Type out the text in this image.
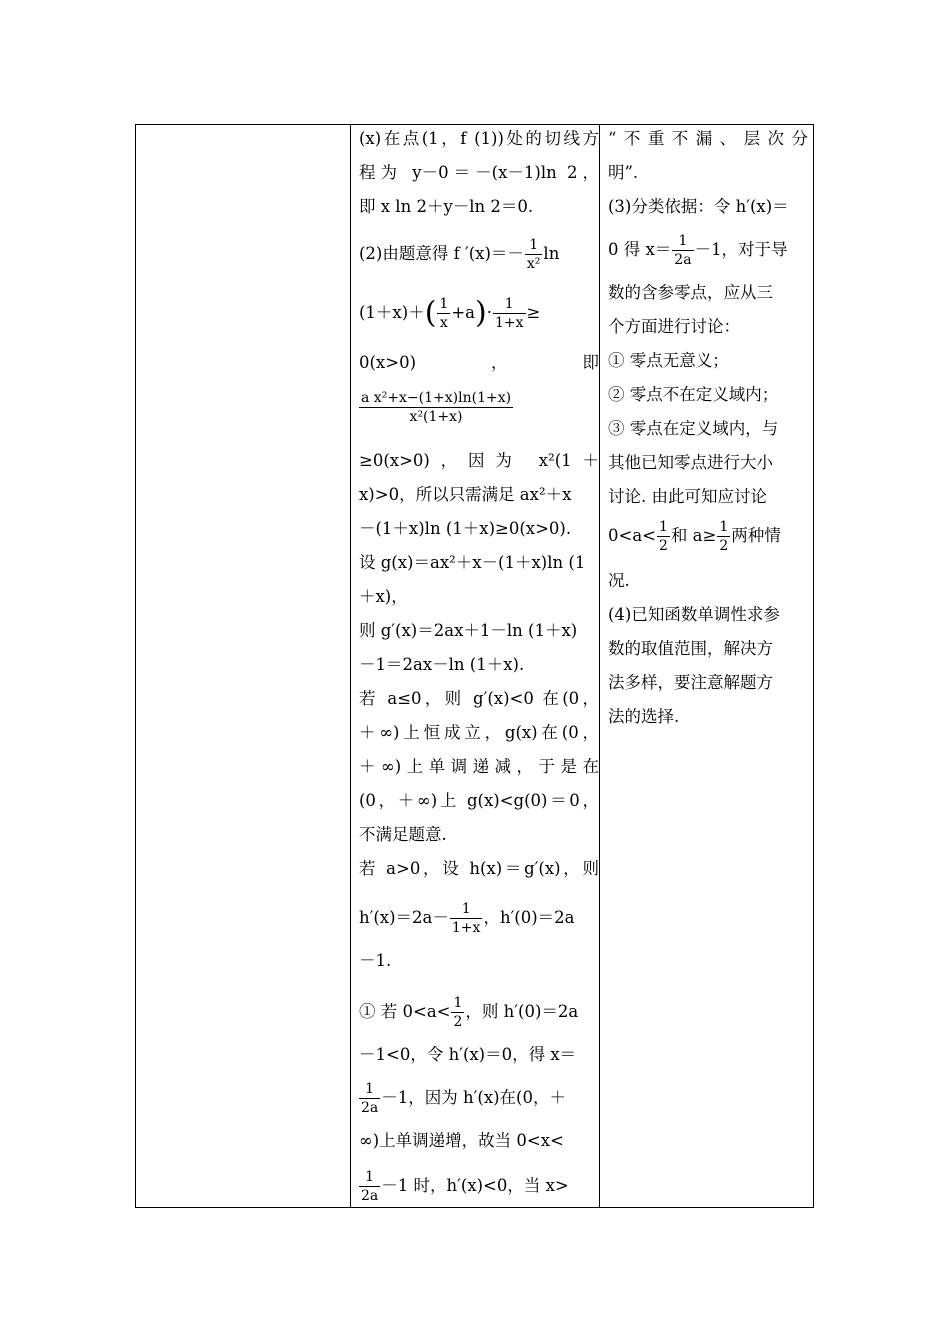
(x)在点(1，f (1))处的切线方
程为 y－0＝－(x－1)ln 2，
即 x ln 2＋y－ln 2＝0.
(2)由题意得 f $'(x)=- \frac{1}{\text{x²}}$ ln
$(1+x)+( \frac{1}{x} +a)\cdot \frac{1}{1+x}$ ≥
0(x>0)	，	即
$\frac{\text{a x²+x−(1+x)ln(1+x)}}{\text{x²(1+x)}}$
≥0(x>0)，因为 x²(1＋
x)>0，所以只需满足 ax²＋x
－(1＋x)ln (1＋x)≥0(x>0).
设 g(x)＝ax²＋x－(1＋x)ln (1
＋x)，
则 g′(x)＝2ax＋1－ln (1＋x)
－1＝2ax－ln (1＋x).
若 a≤0，则 g′(x)<0 在(0，
＋∞)上恒成立，g(x)在(0，
＋∞)上单调递减，于是在
(0，＋∞)上 g(x)<g(0)＝0，
不满足题意.
若 a>0，设 h(x)＝g′(x)，则
$h'(x)=2a- \frac{1}{1+x}$ ，h′(0)＝2a
－1.
① 若 $0<a< \frac{1}{2}$ ，则 h′(0)＝2a
－1<0，令 h′(x)＝0，得 x＝
$\frac{1}{2a} -1$，因为 h′(x)在(0，＋
∞)上单调递增，故当 0<x<
$\frac{1}{2a} -1$ 时，h′(x)<0，当 x>
“不重不漏、层次分
明”.
(3)分类依据：令 h′(x)＝
0 得 $x= \frac{1}{2a} -1$，对于导
数的含参零点，应从三
个方面进行讨论：
① 零点无意义；
② 零点不在定义域内；
③ 零点在定义域内，与
其他已知零点进行大小
讨论. 由此可知应讨论
$0<a< \frac{1}{2}$ 和 $a\ge \frac{1}{2}$ 两种情
况.
(4)已知函数单调性求参
数的取值范围，解决方
法多样，要注意解题方
法的选择.
